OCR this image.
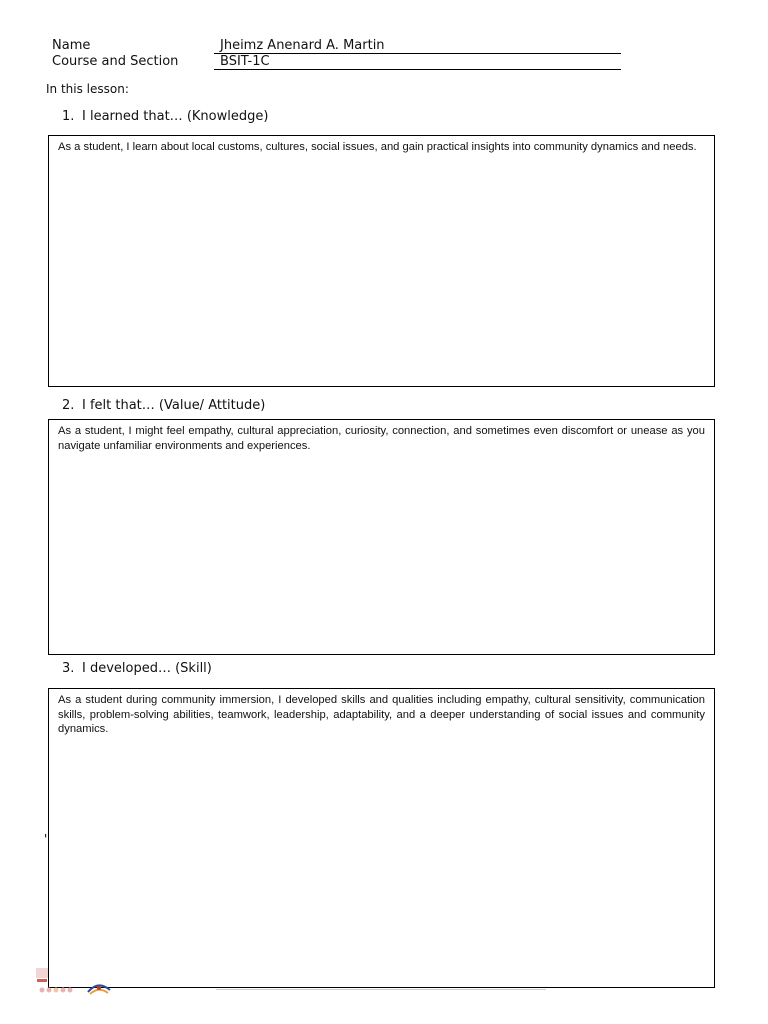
Name	Jheimz Anenard A. Martin
Course and Section	BSIT-1C
In this lesson:
1. I learned that… (Knowledge)
As a student, I learn about local customs, cultures, social issues, and gain practical insights into community dynamics and needs.
2. I felt that… (Value/ Attitude)
As a student, I might feel empathy, cultural appreciation, curiosity, connection, and sometimes even discomfort or unease as you navigate unfamiliar environments and experiences.
3. I developed… (Skill)
As a student during community immersion, I developed skills and qualities including empathy, cultural sensitivity, communication skills, problem-solving abilities, teamwork, leadership, adaptability, and a deeper understanding of social issues and community dynamics.
'
